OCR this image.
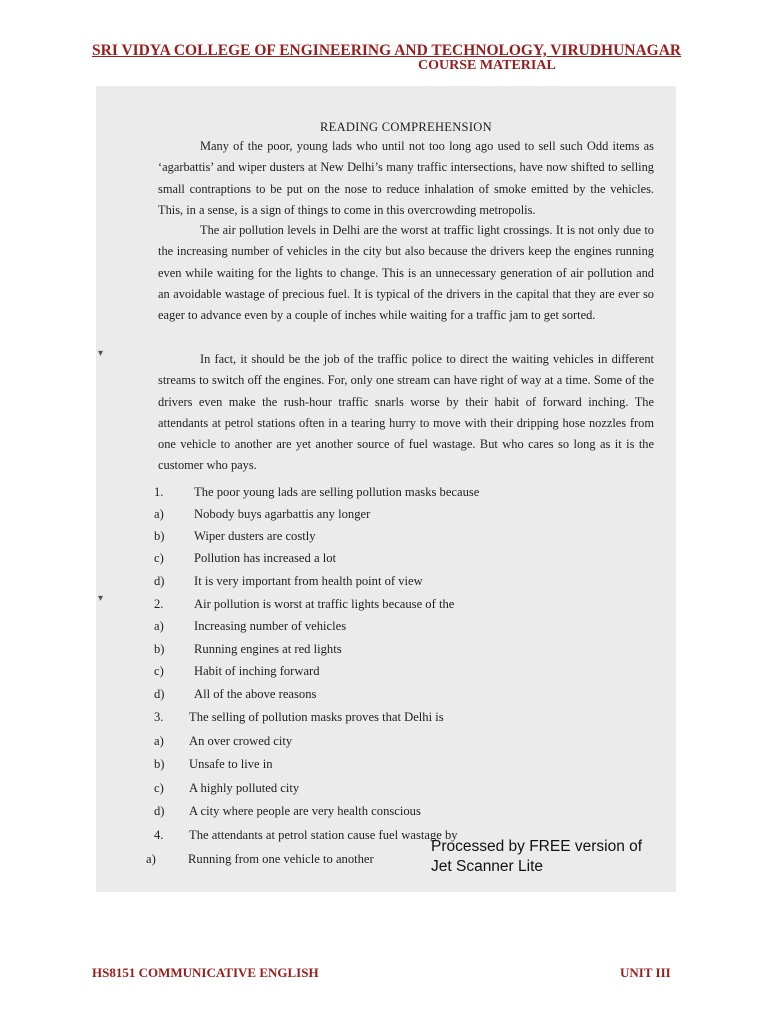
SRI VIDYA COLLEGE OF ENGINEERING AND TECHNOLOGY, VIRUDHUNAGAR
COURSE MATERIAL
READING COMPREHENSION

Many of the poor, young lads who until not too long ago used to sell such Odd items as ‘agarbattis’ and wiper dusters at New Delhi’s many traffic intersections, have now shifted to selling small contraptions to be put on the nose to reduce inhalation of smoke emitted by the vehicles. This, in a sense, is a sign of things to come in this overcrowding metropolis.

The air pollution levels in Delhi are the worst at traffic light crossings. It is not only due to the increasing number of vehicles in the city but also because the drivers keep the engines running even while waiting for the lights to change. This is an unnecessary generation of air pollution and an avoidable wastage of precious fuel. It is typical of the drivers in the capital that they are ever so eager to advance even by a couple of inches while waiting for a traffic jam to get sorted.

In fact, it should be the job of the traffic police to direct the waiting vehicles in different streams to switch off the engines. For, only one stream can have right of way at a time. Some of the drivers even make the rush-hour traffic snarls worse by their habit of forward inching. The attendants at petrol stations often in a tearing hurry to move with their dripping hose nozzles from one vehicle to another are yet another source of fuel wastage. But who cares so long as it is the customer who pays.

▾
▾
1.	The poor young lads are selling pollution masks because
a)	Nobody buys agarbattis any longer
b)	Wiper dusters are costly
c)	Pollution has increased a lot
d)	It is very important from health point of view
2.	Air pollution is worst at traffic lights because of the
a)	Increasing number of vehicles
b)	Running engines at red lights
c)	Habit of inching forward
d)	All of the above reasons
3.	The selling of pollution masks proves that Delhi is
a)	An over crowed city
b)	Unsafe to live in
c)	A highly polluted city
d)	A city where people are very health conscious
4.	The attendants at petrol station cause fuel wastage by
a)	Running from one vehicle to another
Processed by FREE version of
Jet Scanner Lite
HS8151 COMMUNICATIVE ENGLISH	UNIT III
